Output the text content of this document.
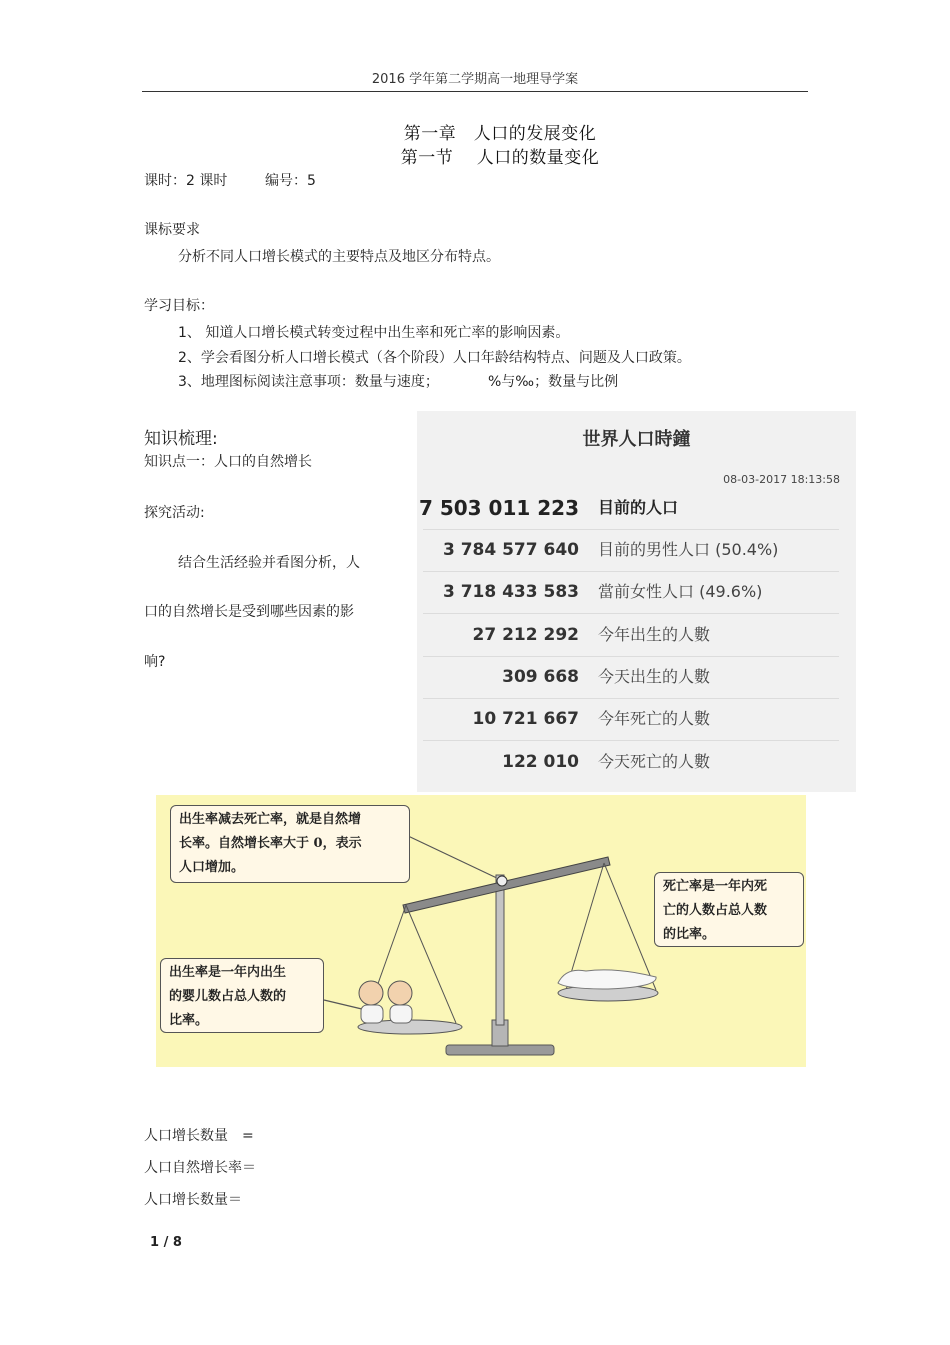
2016 学年第二学期高一地理导学案
第一章　人口的发展变化
第一节　 人口的数量变化
课时：2 课时	编号：5
课标要求
分析不同人口增长模式的主要特点及地区分布特点。
学习目标：
1、 知道人口增长模式转变过程中出生率和死亡率的影响因素。
2、学会看图分析人口增长模式（各个阶段）人口年龄结构特点、问题及人口政策。
3、地理图标阅读注意事项：数量与速度；	%与‰；数量与比例
知识梳理:
知识点一：人口的自然增长
探究活动:
结合生活经验并看图分析，人
口的自然增长是受到哪些因素的影
响?
世界人口時鐘
08-03-2017 18:13:58
7 503 011 223 目前的人口
3 784 577 640 目前的男性人口 (50.4%)
3 718 433 583 當前女性人口 (49.6%)
27 212 292 今年出生的人數
309 668 今天出生的人數
10 721 667 今年死亡的人數
122 010 今天死亡的人數
出生率减去死亡率，就是自然增
长率。自然增长率大于 0，表示
人口增加。
死亡率是一年内死
亡的人数占总人数
的比率。
出生率是一年内出生
的婴儿数占总人数的
比率。
人口增长数量　=
人口自然增长率＝
人口增长数量＝
1 / 8
